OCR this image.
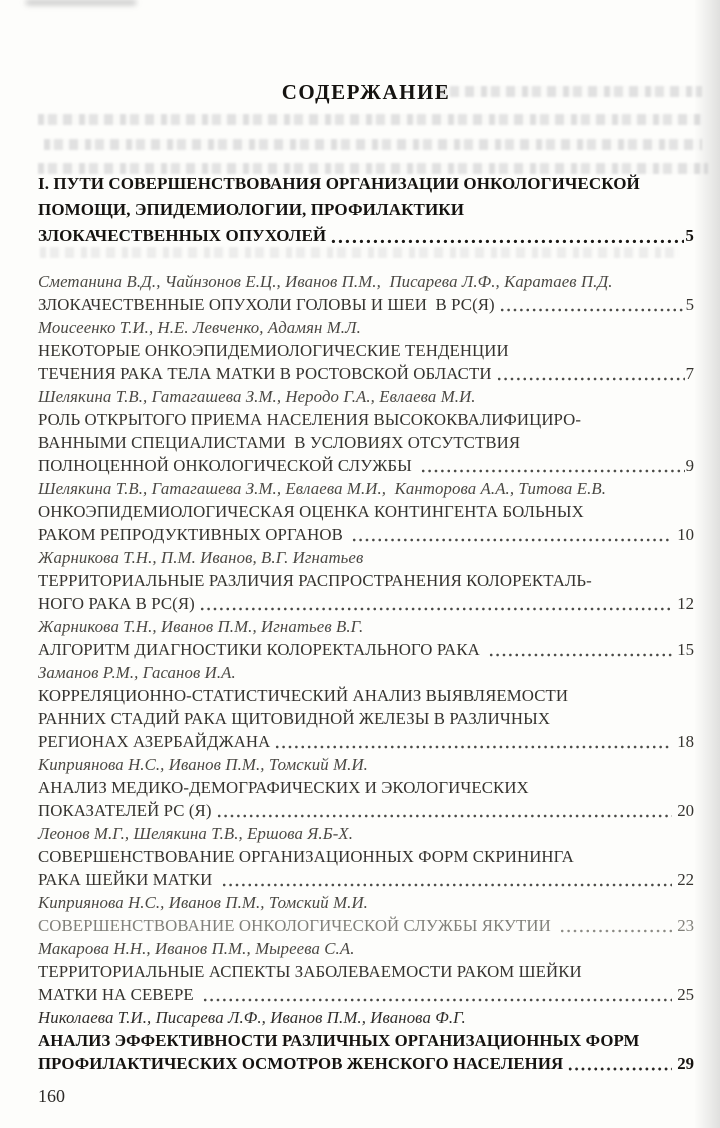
СОДЕРЖАНИЕ
I. ПУТИ СОВЕРШЕНСТВОВАНИЯ ОРГАНИЗАЦИИ ОНКОЛОГИЧЕСКОЙ
ПОМОЩИ, ЭПИДЕМИОЛОГИИ, ПРОФИЛАКТИКИ
ЗЛОКАЧЕСТВЕННЫХ ОПУХОЛЕЙ	5
Сметанина В.Д., Чайнзонов Е.Ц., Иванов П.М.,  Писарева Л.Ф., Каратаев П.Д.
ЗЛОКАЧЕСТВЕННЫЕ ОПУХОЛИ ГОЛОВЫ И ШЕИ  В РС(Я)	5
Моисеенко Т.И., Н.Е. Левченко, Адамян М.Л.
НЕКОТОРЫЕ ОНКОЭПИДЕМИОЛОГИЧЕСКИЕ ТЕНДЕНЦИИ
ТЕЧЕНИЯ РАКА ТЕЛА МАТКИ В РОСТОВСКОЙ ОБЛАСТИ	7
Шелякина Т.В., Гатагашева З.М., Неродо Г.А., Евлаева М.И.
РОЛЬ ОТКРЫТОГО ПРИЕМА НАСЕЛЕНИЯ ВЫСОКОКВАЛИФИЦИРО-
ВАННЫМИ СПЕЦИАЛИСТАМИ  В УСЛОВИЯХ ОТСУТСТВИЯ
ПОЛНОЦЕННОЙ ОНКОЛОГИЧЕСКОЙ СЛУЖБЫ	9
Шелякина Т.В., Гатагашева З.М., Евлаева М.И.,  Канторова А.А., Титова Е.В.
ОНКОЭПИДЕМИОЛОГИЧЕСКАЯ ОЦЕНКА КОНТИНГЕНТА БОЛЬНЫХ
РАКОМ РЕПРОДУКТИВНЫХ ОРГАНОВ	10
Жарникова Т.Н., П.М. Иванов, В.Г. Игнатьев
ТЕРРИТОРИАЛЬНЫЕ РАЗЛИЧИЯ РАСПРОСТРАНЕНИЯ КОЛОРЕКТАЛЬ-
НОГО РАКА В РС(Я)	12
Жарникова Т.Н., Иванов П.М., Игнатьев В.Г.
АЛГОРИТМ ДИАГНОСТИКИ КОЛОРЕКТАЛЬНОГО РАКА	15
Заманов Р.М., Гасанов И.А.
КОРРЕЛЯЦИОННО-СТАТИСТИЧЕСКИЙ АНАЛИЗ ВЫЯВЛЯЕМОСТИ
РАННИХ СТАДИЙ РАКА ЩИТОВИДНОЙ ЖЕЛЕЗЫ В РАЗЛИЧНЫХ
РЕГИОНАХ АЗЕРБАЙДЖАНА	18
Киприянова Н.С., Иванов П.М., Томский М.И.
АНАЛИЗ МЕДИКО-ДЕМОГРАФИЧЕСКИХ И ЭКОЛОГИЧЕСКИХ
ПОКАЗАТЕЛЕЙ РС (Я)	20
Леонов М.Г., Шелякина Т.В., Ершова Я.Б-Х.
СОВЕРШЕНСТВОВАНИЕ ОРГАНИЗАЦИОННЫХ ФОРМ СКРИНИНГА
РАКА ШЕЙКИ МАТКИ	22
Киприянова Н.С., Иванов П.М., Томский М.И.
СОВЕРШЕНСТВОВАНИЕ ОНКОЛОГИЧЕСКОЙ СЛУЖБЫ ЯКУТИИ	23
Макарова Н.Н., Иванов П.М., Мыреева С.А.
ТЕРРИТОРИАЛЬНЫЕ АСПЕКТЫ ЗАБОЛЕВАЕМОСТИ РАКОМ ШЕЙКИ
МАТКИ НА СЕВЕРЕ	25
Николаева Т.И., Писарева Л.Ф., Иванов П.М., Иванова Ф.Г.
АНАЛИЗ ЭФФЕКТИВНОСТИ РАЗЛИЧНЫХ ОРГАНИЗАЦИОННЫХ ФОРМ
ПРОФИЛАКТИЧЕСКИХ ОСМОТРОВ ЖЕНСКОГО НАСЕЛЕНИЯ	29
160
